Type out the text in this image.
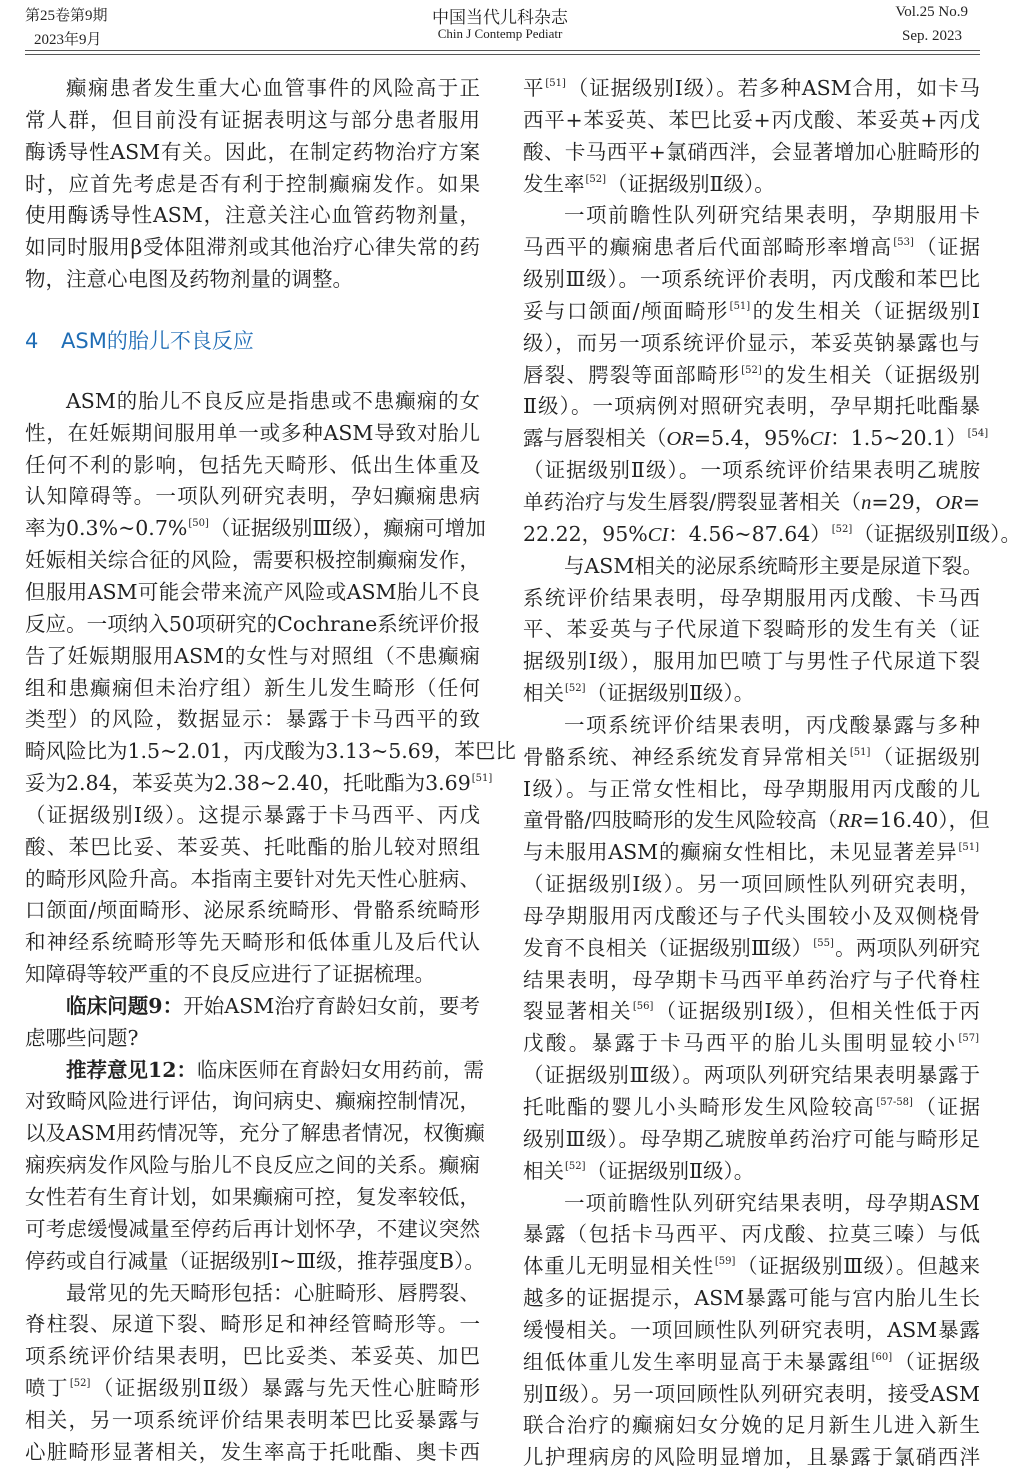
第25卷第9期
2023年9月
中国当代儿科杂志
Chin J Contemp Pediatr
Vol.25 No.9
Sep. 2023
癫痫患者发生重大心血管事件的风险高于正
常人群，但目前没有证据表明这与部分患者服用
酶诱导性ASM有关。因此，在制定药物治疗方案
时，应首先考虑是否有利于控制癫痫发作。如果
使用酶诱导性ASM，注意关注心血管药物剂量，
如同时服用β受体阻滞剂或其他治疗心律失常的药
物，注意心电图及药物剂量的调整。
4 ASM的胎儿不良反应
ASM的胎儿不良反应是指患或不患癫痫的女
性，在妊娠期间服用单一或多种ASM导致对胎儿
任何不利的影响，包括先天畸形、低出生体重及
认知障碍等。一项队列研究表明，孕妇癫痫患病
率为0.3%~0.7%[50]（证据级别Ⅲ级），癫痫可增加
妊娠相关综合征的风险，需要积极控制癫痫发作，
但服用ASM可能会带来流产风险或ASM胎儿不良
反应。一项纳入50项研究的Cochrane系统评价报
告了妊娠期服用ASM的女性与对照组（不患癫痫
组和患癫痫但未治疗组）新生儿发生畸形（任何
类型）的风险，数据显示：暴露于卡马西平的致
畸风险比为1.5~2.01，丙戊酸为3.13~5.69，苯巴比
妥为2.84，苯妥英为2.38~2.40，托吡酯为3.69[51]
（证据级别Ⅰ级）。这提示暴露于卡马西平、丙戊
酸、苯巴比妥、苯妥英、托吡酯的胎儿较对照组
的畸形风险升高。本指南主要针对先天性心脏病、
口颌面/颅面畸形、泌尿系统畸形、骨骼系统畸形
和神经系统畸形等先天畸形和低体重儿及后代认
知障碍等较严重的不良反应进行了证据梳理。
临床问题9：开始ASM治疗育龄妇女前，要考
虑哪些问题?
推荐意见12：临床医师在育龄妇女用药前，需
对致畸风险进行评估，询问病史、癫痫控制情况，
以及ASM用药情况等，充分了解患者情况，权衡癫
痫疾病发作风险与胎儿不良反应之间的关系。癫痫
女性若有生育计划，如果癫痫可控，复发率较低，
可考虑缓慢减量至停药后再计划怀孕，不建议突然
停药或自行减量（证据级别Ⅰ~Ⅲ级，推荐强度B）。
最常见的先天畸形包括：心脏畸形、唇腭裂、
脊柱裂、尿道下裂、畸形足和神经管畸形等。一
项系统评价结果表明，巴比妥类、苯妥英、加巴
喷丁[52]（证据级别Ⅱ级）暴露与先天性心脏畸形
相关，另一项系统评价结果表明苯巴比妥暴露与
心脏畸形显著相关，发生率高于托吡酯、奥卡西
平[51]（证据级别Ⅰ级）。若多种ASM合用，如卡马
西平+苯妥英、苯巴比妥+丙戊酸、苯妥英+丙戊
酸、卡马西平+氯硝西泮，会显著增加心脏畸形的
发生率[52]（证据级别Ⅱ级）。
一项前瞻性队列研究结果表明，孕期服用卡
马西平的癫痫患者后代面部畸形率增高[53]（证据
级别Ⅲ级）。一项系统评价表明，丙戊酸和苯巴比
妥与口颌面/颅面畸形[51]的发生相关（证据级别Ⅰ
级），而另一项系统评价显示，苯妥英钠暴露也与
唇裂、腭裂等面部畸形[52]的发生相关（证据级别
Ⅱ级）。一项病例对照研究表明，孕早期托吡酯暴
露与唇裂相关（OR=5.4，95%CI：1.5~20.1）[54]
（证据级别Ⅱ级）。一项系统评价结果表明乙琥胺
单药治疗与发生唇裂/腭裂显著相关（n=29，OR=
22.22，95%CI：4.56~87.64）[52]（证据级别Ⅱ级）。
与ASM相关的泌尿系统畸形主要是尿道下裂。
系统评价结果表明，母孕期服用丙戊酸、卡马西
平、苯妥英与子代尿道下裂畸形的发生有关（证
据级别Ⅰ级），服用加巴喷丁与男性子代尿道下裂
相关[52]（证据级别Ⅱ级）。
一项系统评价结果表明，丙戊酸暴露与多种
骨骼系统、神经系统发育异常相关[51]（证据级别
Ⅰ级）。与正常女性相比，母孕期服用丙戊酸的儿
童骨骼/四肢畸形的发生风险较高（RR=16.40），但
与未服用ASM的癫痫女性相比，未见显著差异[51]
（证据级别Ⅰ级）。另一项回顾性队列研究表明，
母孕期服用丙戊酸还与子代头围较小及双侧桡骨
发育不良相关（证据级别Ⅲ级）[55]。两项队列研究
结果表明，母孕期卡马西平单药治疗与子代脊柱
裂显著相关[56]（证据级别Ⅰ级），但相关性低于丙
戊酸。暴露于卡马西平的胎儿头围明显较小[57]
（证据级别Ⅲ级）。两项队列研究结果表明暴露于
托吡酯的婴儿小头畸形发生风险较高[57-58]（证据
级别Ⅲ级）。母孕期乙琥胺单药治疗可能与畸形足
相关[52]（证据级别Ⅱ级）。
一项前瞻性队列研究结果表明，母孕期ASM
暴露（包括卡马西平、丙戊酸、拉莫三嗪）与低
体重儿无明显相关性[59]（证据级别Ⅲ级）。但越来
越多的证据提示，ASM暴露可能与宫内胎儿生长
缓慢相关。一项回顾性队列研究表明，ASM暴露
组低体重儿发生率明显高于未暴露组[60]（证据级
别Ⅱ级）。另一项回顾性队列研究表明，接受ASM
联合治疗的癫痫妇女分娩的足月新生儿进入新生
儿护理病房的风险明显增加，且暴露于氯硝西泮
